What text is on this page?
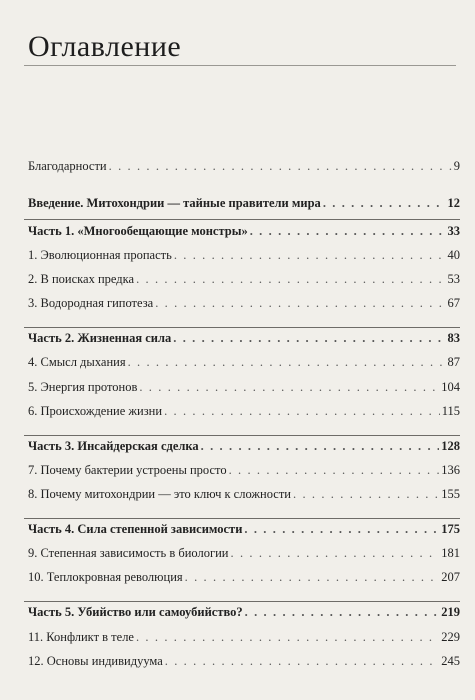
Оглавление
Благодарности . . .	9
Введение. Митохондрии — тайные правители мира . . .	12
Часть 1. «Многообещающие монстры» . . .	33
1. Эволюционная пропасть . . .	40
2. В поисках предка . . .	53
3. Водородная гипотеза . . .	67
Часть 2. Жизненная сила . . .	83
4. Смысл дыхания . . .	87
5. Энергия протонов . . .	104
6. Происхождение жизни . . .	115
Часть 3. Инсайдерская сделка . . .	128
7. Почему бактерии устроены просто . . .	136
8. Почему митохондрии — это ключ к сложности . . .	155
Часть 4. Сила степенной зависимости . . .	175
9. Степенная зависимость в биологии . . .	181
10. Теплокровная революция . . .	207
Часть 5. Убийство или самоубийство? . . .	219
11. Конфликт в теле . . .	229
12. Основы индивидуума . . .	245
